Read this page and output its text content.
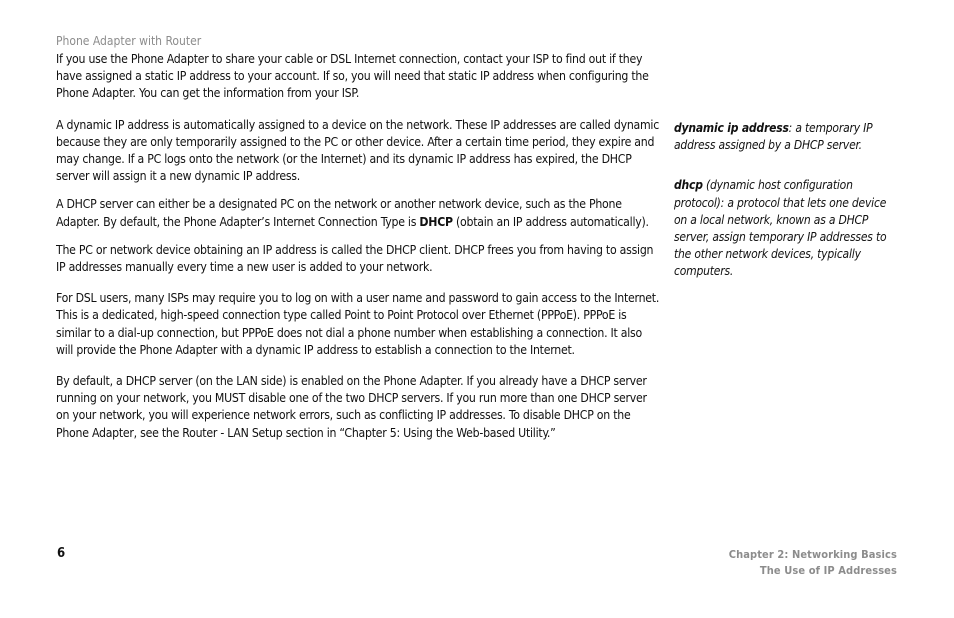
Phone Adapter with Router

If you use the Phone Adapter to share your cable or DSL Internet connection, contact your ISP to find out if they have assigned a static IP address to your account. If so, you will need that static IP address when configuring the Phone Adapter. You can get the information from your ISP.

A dynamic IP address is automatically assigned to a device on the network. These IP addresses are called dynamic because they are only temporarily assigned to the PC or other device. After a certain time period, they expire and may change. If a PC logs onto the network (or the Internet) and its dynamic IP address has expired, the DHCP server will assign it a new dynamic IP address.

A DHCP server can either be a designated PC on the network or another network device, such as the Phone Adapter. By default, the Phone Adapter’s Internet Connection Type is DHCP (obtain an IP address automatically).

The PC or network device obtaining an IP address is called the DHCP client. DHCP frees you from having to assign IP addresses manually every time a new user is added to your network.

For DSL users, many ISPs may require you to log on with a user name and password to gain access to the Internet. This is a dedicated, high-speed connection type called Point to Point Protocol over Ethernet (PPPoE). PPPoE is similar to a dial-up connection, but PPPoE does not dial a phone number when establishing a connection. It also will provide the Phone Adapter with a dynamic IP address to establish a connection to the Internet.

By default, a DHCP server (on the LAN side) is enabled on the Phone Adapter. If you already have a DHCP server running on your network, you MUST disable one of the two DHCP servers. If you run more than one DHCP server on your network, you will experience network errors, such as conflicting IP addresses. To disable DHCP on the Phone Adapter, see the Router - LAN Setup section in “Chapter 5: Using the Web-based Utility.”

dynamic ip address: a temporary IP address assigned by a DHCP server.
dhcp (dynamic host configuration protocol): a protocol that lets one device on a local network, known as a DHCP server, assign temporary IP addresses to the other network devices, typically computers.
6	Chapter 2: Networking Basics
The Use of IP Addresses
